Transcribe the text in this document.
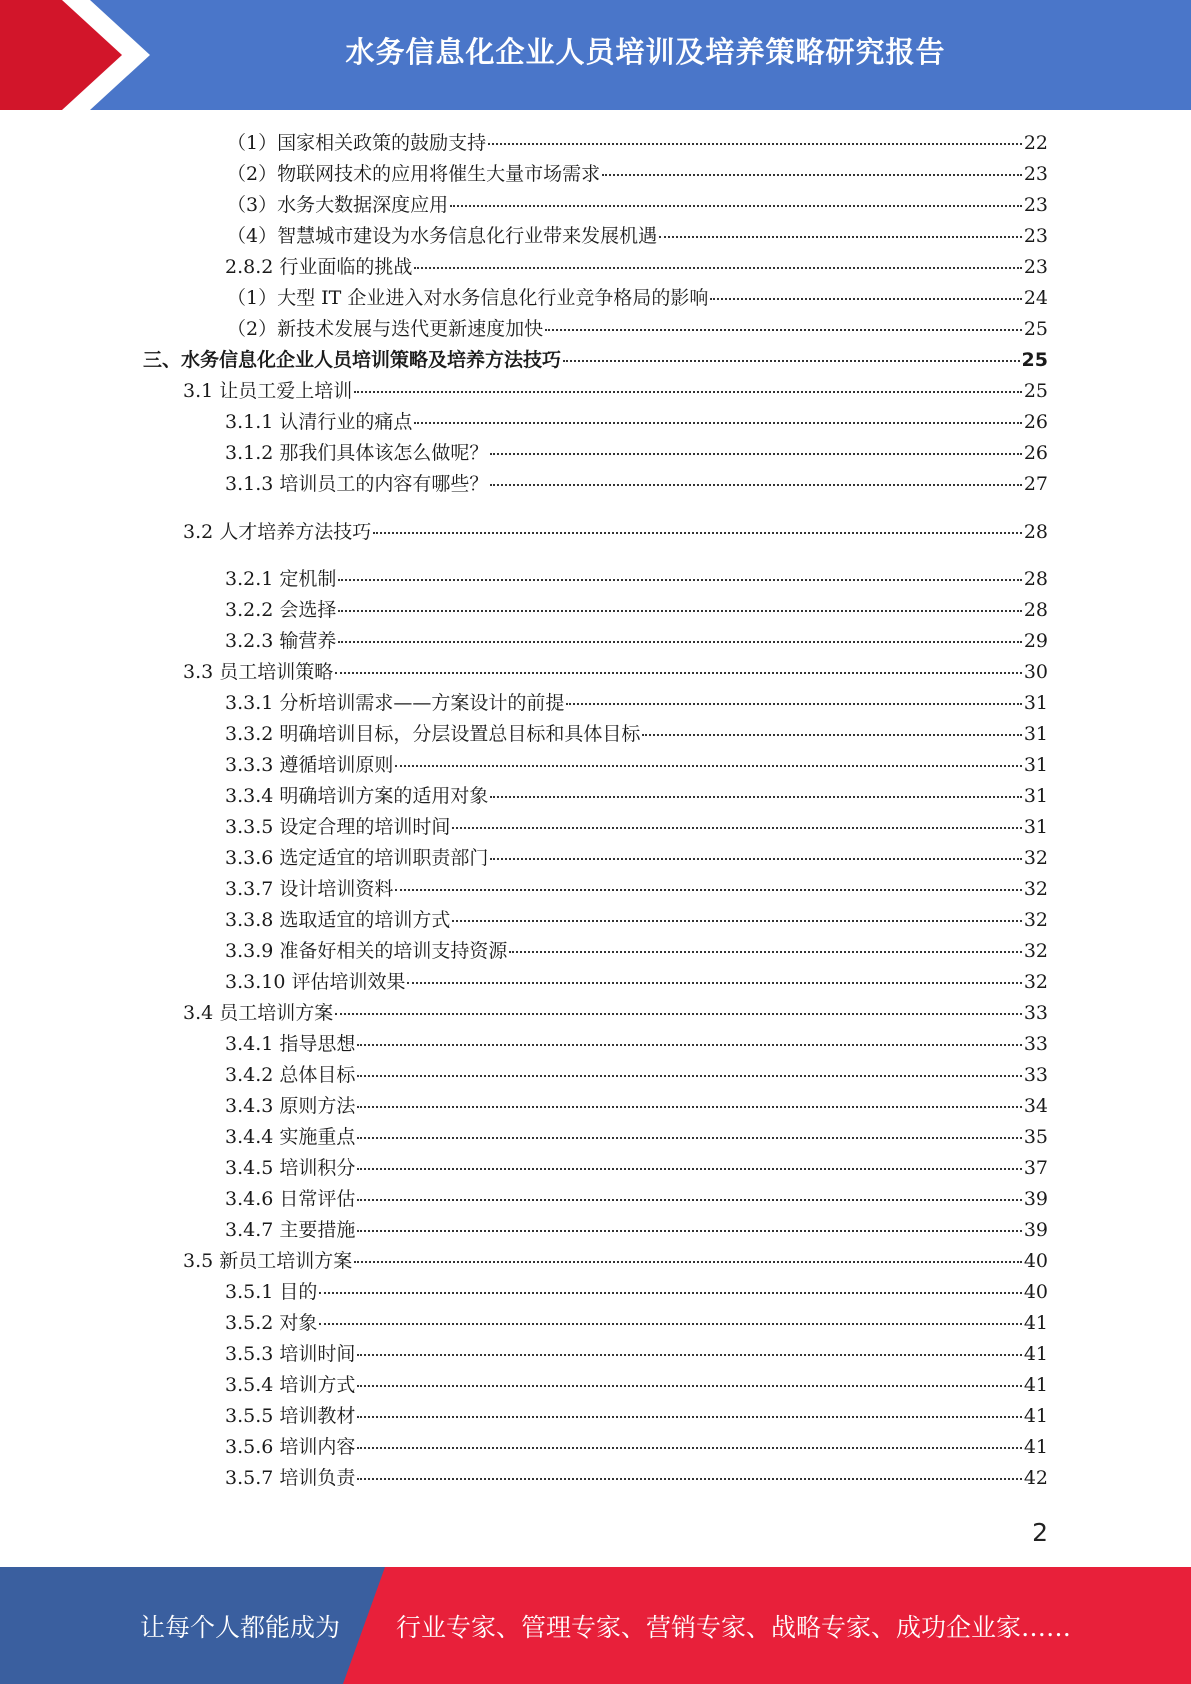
水务信息化企业人员培训及培养策略研究报告
（1）国家相关政策的鼓励支持	22
（2）物联网技术的应用将催生大量市场需求	23
（3）水务大数据深度应用	23
（4）智慧城市建设为水务信息化行业带来发展机遇	23
2.8.2 行业面临的挑战	23
（1）大型 IT 企业进入对水务信息化行业竞争格局的影响	24
（2）新技术发展与迭代更新速度加快	25
三、水务信息化企业人员培训策略及培养方法技巧	25
3.1 让员工爱上培训	25
3.1.1 认清行业的痛点	26
3.1.2 那我们具体该怎么做呢？	26
3.1.3 培训员工的内容有哪些？	27
3.2 人才培养方法技巧	28
3.2.1 定机制	28
3.2.2 会选择	28
3.2.3 输营养	29
3.3 员工培训策略	30
3.3.1 分析培训需求——方案设计的前提	31
3.3.2 明确培训目标，分层设置总目标和具体目标	31
3.3.3 遵循培训原则	31
3.3.4 明确培训方案的适用对象	31
3.3.5 设定合理的培训时间	31
3.3.6 选定适宜的培训职责部门	32
3.3.7 设计培训资料	32
3.3.8 选取适宜的培训方式	32
3.3.9 准备好相关的培训支持资源	32
3.3.10 评估培训效果	32
3.4 员工培训方案	33
3.4.1 指导思想	33
3.4.2 总体目标	33
3.4.3 原则方法	34
3.4.4 实施重点	35
3.4.5 培训积分	37
3.4.6 日常评估	39
3.4.7 主要措施	39
3.5 新员工培训方案	40
3.5.1 目的	40
3.5.2 对象	41
3.5.3 培训时间	41
3.5.4 培训方式	41
3.5.5 培训教材	41
3.5.6 培训内容	41
3.5.7 培训负责	42
2
让每个人都能成为 行业专家、管理专家、营销专家、战略专家、成功企业家……
